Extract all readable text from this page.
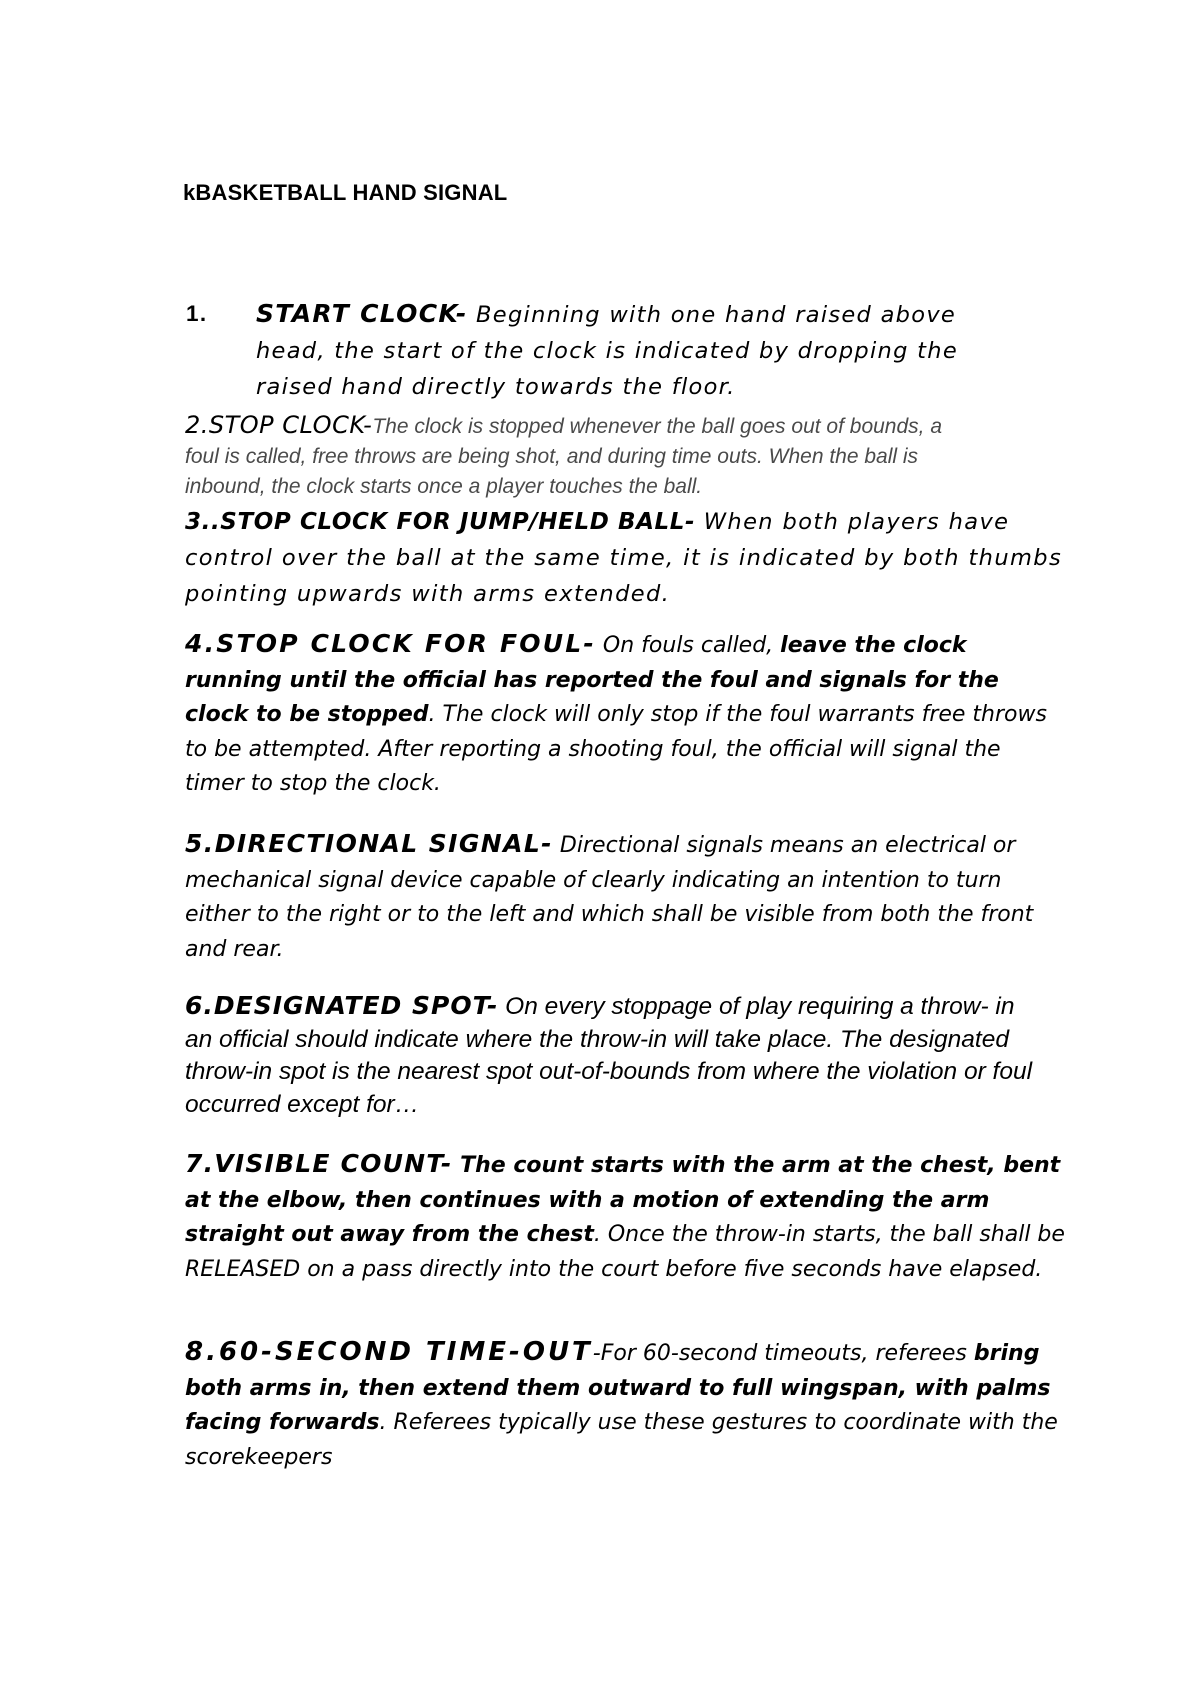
kBASKETBALL HAND SIGNAL
1.	START CLOCK- Beginning with one hand raised above head, the start of the clock is indicated by dropping the raised hand directly towards the floor.
2.STOP CLOCK-The clock is stopped whenever the ball goes out of bounds, a foul is called, free throws are being shot, and during time outs. When the ball is inbound, the clock starts once a player touches the ball.
3..STOP CLOCK FOR JUMP/HELD BALL- When both players have control over the ball at the same time, it is indicated by both thumbs pointing upwards with arms extended.
4.STOP CLOCK FOR FOUL- On fouls called, leave the clock running until the official has reported the foul and signals for the clock to be stopped. The clock will only stop if the foul warrants free throws to be attempted. After reporting a shooting foul, the official will signal the timer to stop the clock.
5.DIRECTIONAL SIGNAL- Directional signals means an electrical or mechanical signal device capable of clearly indicating an intention to turn either to the right or to the left and which shall be visible from both the front and rear.
6.DESIGNATED SPOT- On every stoppage of play requiring a throw- in an official should indicate where the throw-in will take place. The designated throw-in spot is the nearest spot out-of-bounds from where the violation or foul occurred except for…
7.VISIBLE COUNT- The count starts with the arm at the chest, bent at the elbow, then continues with a motion of extending the arm straight out away from the chest. Once the throw-in starts, the ball shall be RELEASED on a pass directly into the court before five seconds have elapsed.
8.60-SECOND TIME-OUT-For 60-second timeouts, referees bring both arms in, then extend them outward to full wingspan, with palms facing forwards. Referees typically use these gestures to coordinate with the scorekeepers
